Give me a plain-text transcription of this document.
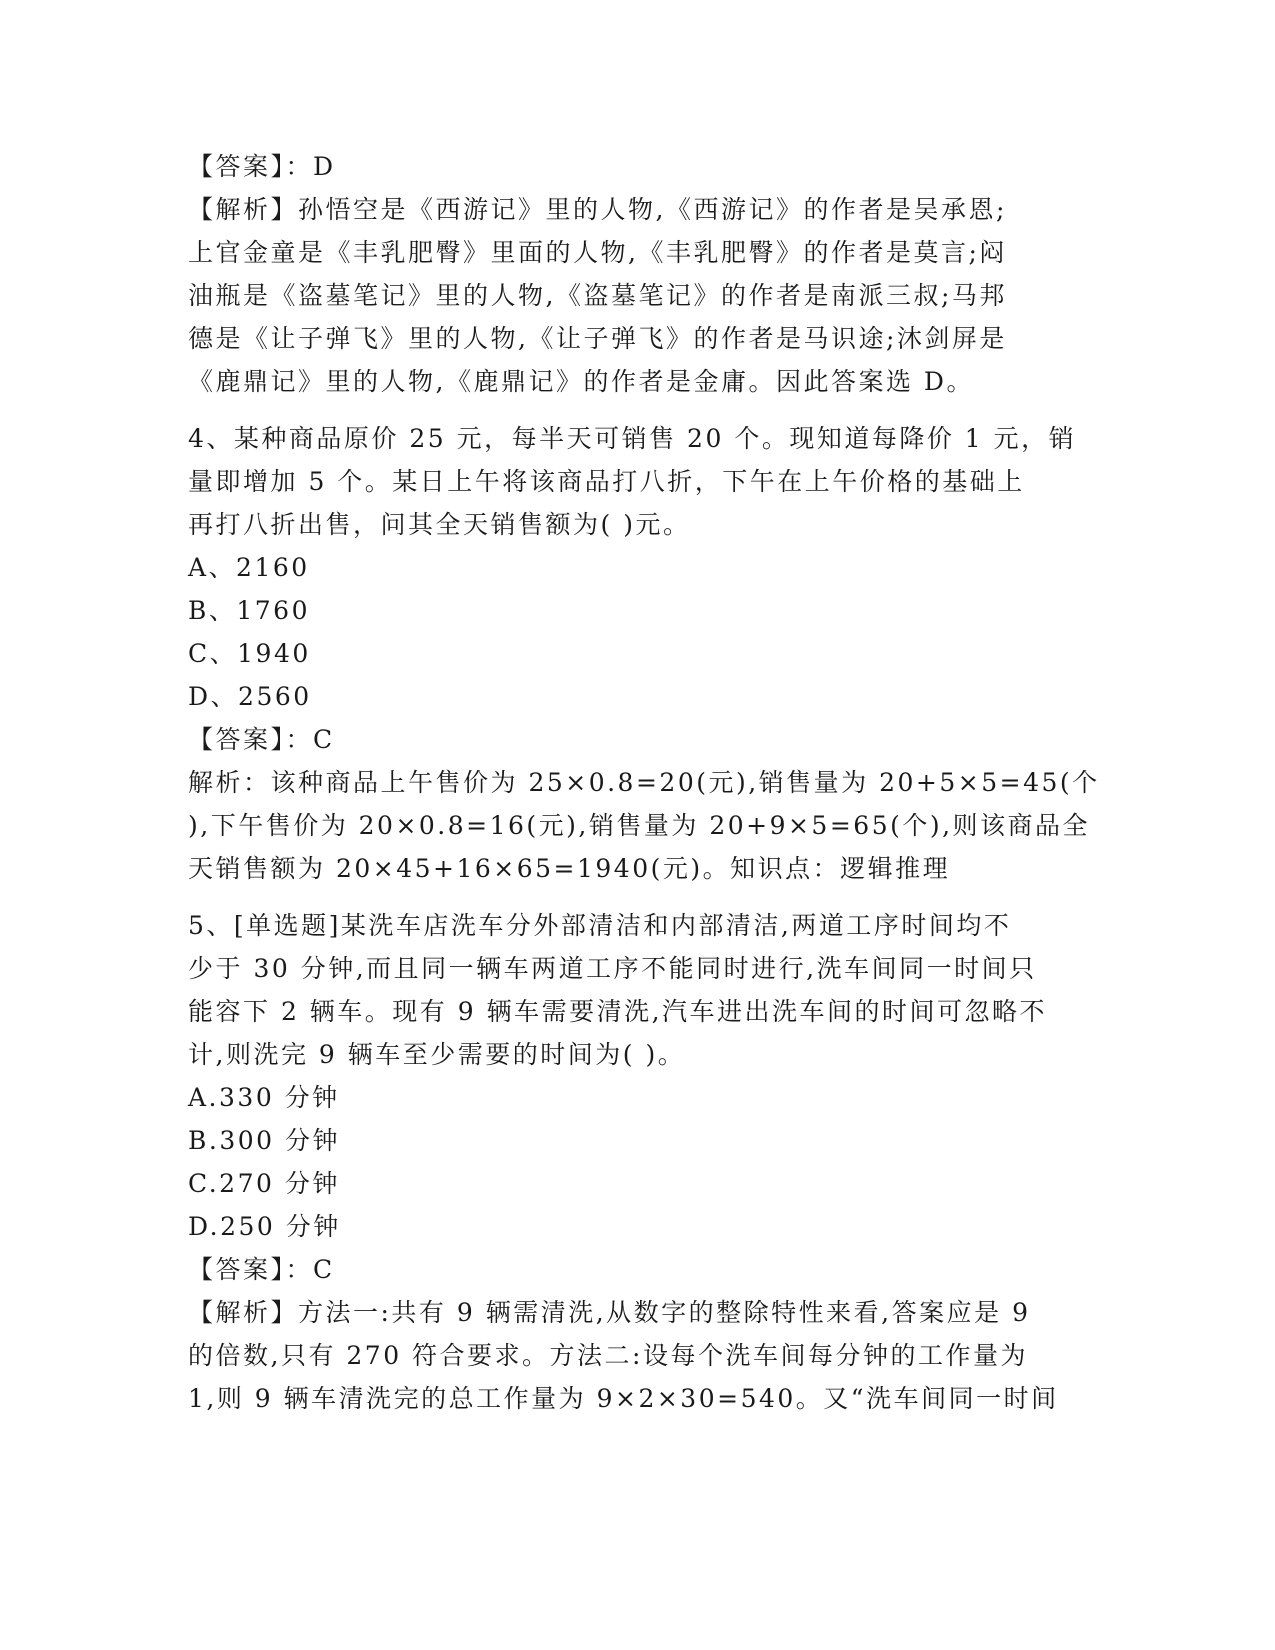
【答案】：D
【解析】孙悟空是《西游记》里的人物,《西游记》的作者是吴承恩;
上官金童是《丰乳肥臀》里面的人物,《丰乳肥臀》的作者是莫言;闷
油瓶是《盗墓笔记》里的人物,《盗墓笔记》的作者是南派三叔;马邦
德是《让子弹飞》里的人物,《让子弹飞》的作者是马识途;沐剑屏是
《鹿鼎记》里的人物,《鹿鼎记》的作者是金庸。因此答案选 D。
4、某种商品原价 25 元，每半天可销售 20 个。现知道每降价 1 元，销
量即增加 5 个。某日上午将该商品打八折，下午在上午价格的基础上
再打八折出售，问其全天销售额为( )元。
A、2160
B、1760
C、1940
D、2560
【答案】：C
解析：该种商品上午售价为 25×0.8=20(元),销售量为 20+5×5=45(个
),下午售价为 20×0.8=16(元),销售量为 20+9×5=65(个),则该商品全
天销售额为 20×45+16×65=1940(元)。知识点：逻辑推理
5、[单选题]某洗车店洗车分外部清洁和内部清洁,两道工序时间均不
少于 30 分钟,而且同一辆车两道工序不能同时进行,洗车间同一时间只
能容下 2 辆车。现有 9 辆车需要清洗,汽车进出洗车间的时间可忽略不
计,则洗完 9 辆车至少需要的时间为( )。
A.330 分钟
B.300 分钟
C.270 分钟
D.250 分钟
【答案】：C
【解析】方法一:共有 9 辆需清洗,从数字的整除特性来看,答案应是 9
的倍数,只有 270 符合要求。方法二:设每个洗车间每分钟的工作量为
1,则 9 辆车清洗完的总工作量为 9×2×30=540。又“洗车间同一时间
